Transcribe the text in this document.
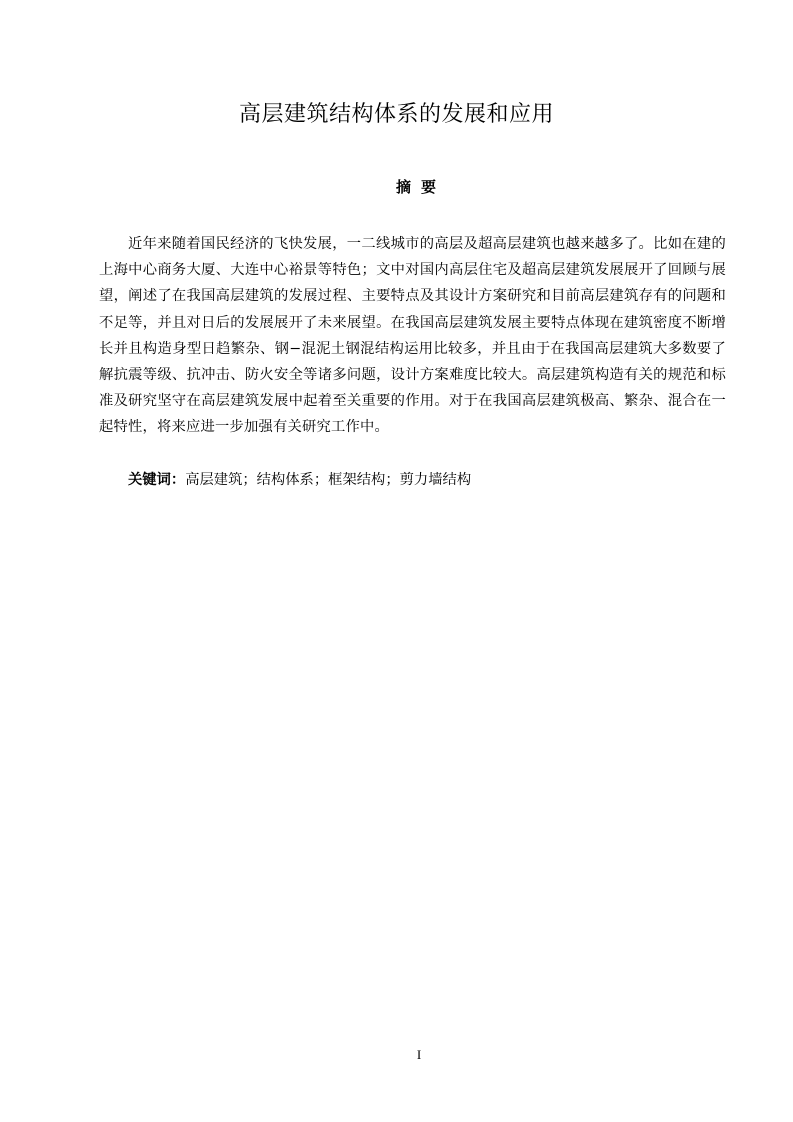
高层建筑结构体系的发展和应用
摘要

近年来随着国民经济的飞快发展，一二线城市的高层及超高层建筑也越来越多了。比如在建的上海中心商务大厦、大连中心裕景等特色；文中对国内高层住宅及超高层建筑发展展开了回顾与展望，阐述了在我国高层建筑的发展过程、主要特点及其设计方案研究和目前高层建筑存有的问题和不足等，并且对日后的发展展开了未来展望。在我国高层建筑发展主要特点体现在建筑密度不断增长并且构造身型日趋繁杂、钢−混泥土钢混结构运用比较多，并且由于在我国高层建筑大多数要了解抗震等级、抗冲击、防火安全等诸多问题，设计方案难度比较大。高层建筑构造有关的规范和标准及研究坚守在高层建筑发展中起着至关重要的作用。对于在我国高层建筑极高、繁杂、混合在一起特性，将来应进一步加强有关研究工作中。

关键词：高层建筑；结构体系；框架结构；剪力墙结构
I
